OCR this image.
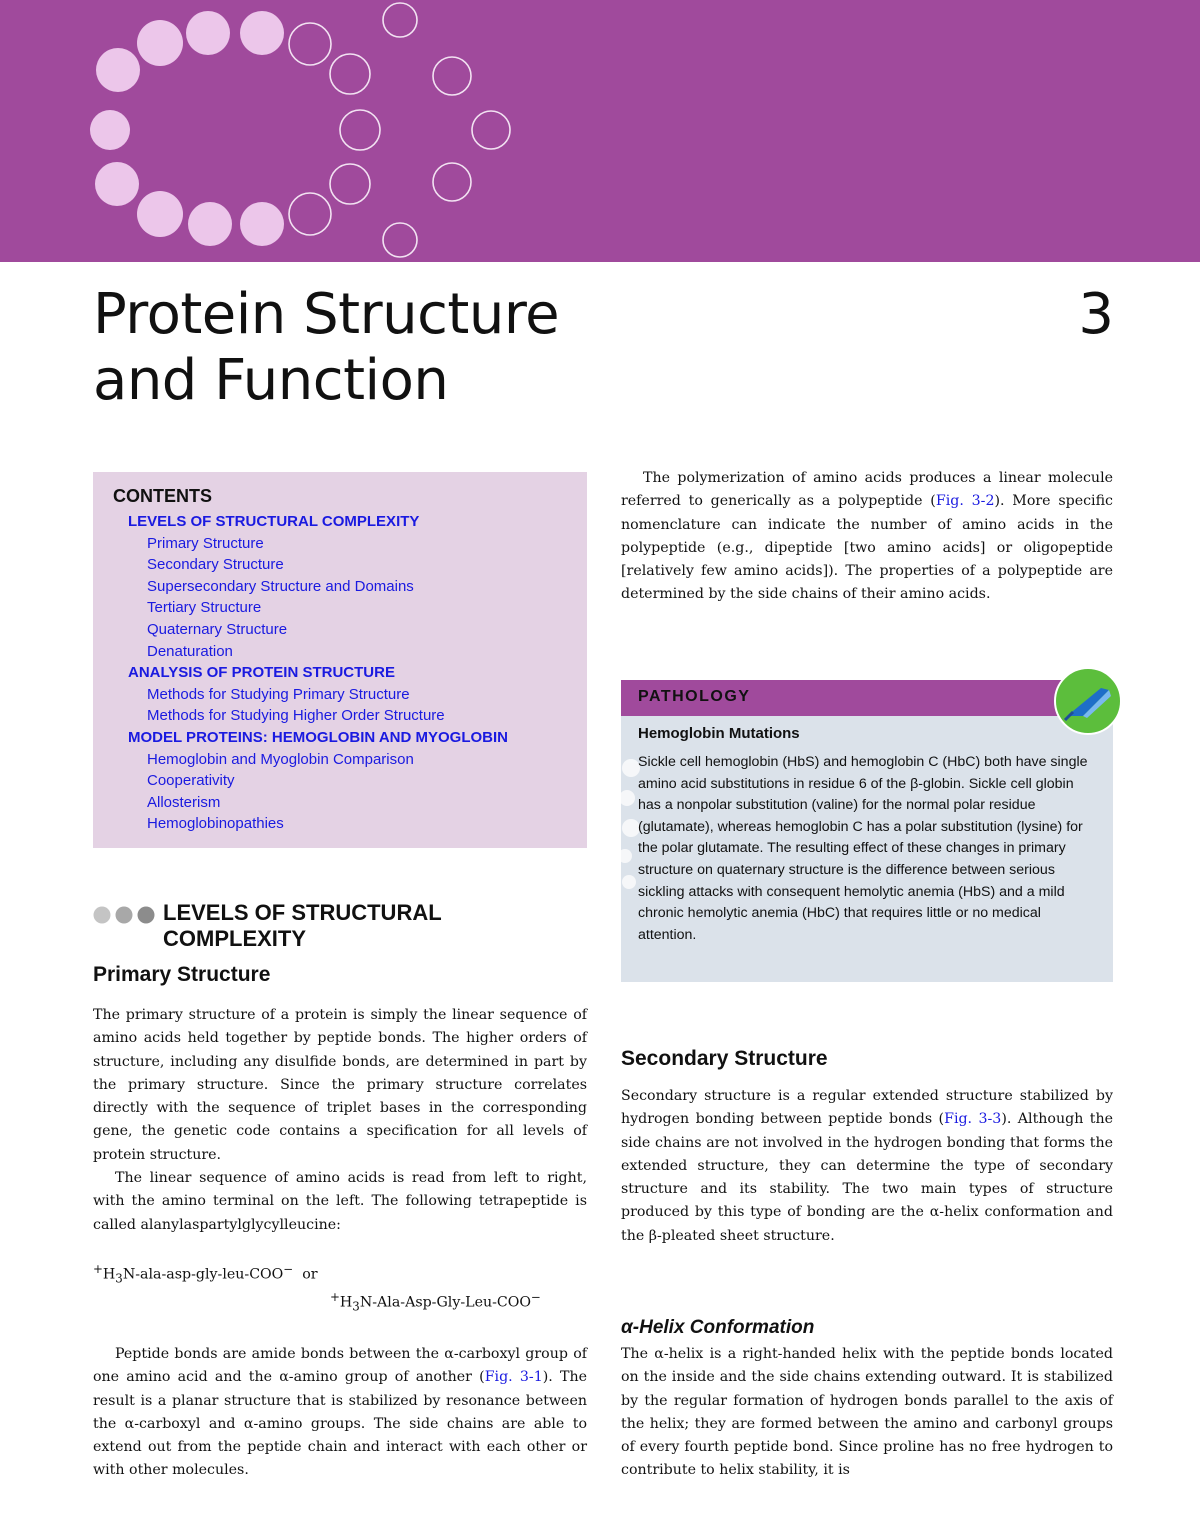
Protein Structure
and Function
3
CONTENTS
LEVELS OF STRUCTURAL COMPLEXITY
Primary Structure
Secondary Structure
Supersecondary Structure and Domains
Tertiary Structure
Quaternary Structure
Denaturation
ANALYSIS OF PROTEIN STRUCTURE
Methods for Studying Primary Structure
Methods for Studying Higher Order Structure
MODEL PROTEINS: HEMOGLOBIN AND MYOGLOBIN
Hemoglobin and Myoglobin Comparison
Cooperativity
Allosterism
Hemoglobinopathies
LEVELS OF STRUCTURAL
COMPLEXITY
Primary Structure

The primary structure of a protein is simply the linear sequence of amino acids held together by peptide bonds. The higher orders of structure, including any disulfide bonds, are determined in part by the primary structure. Since the primary structure correlates directly with the sequence of triplet bases in the corresponding gene, the genetic code contains a specification for all levels of protein structure.

The linear sequence of amino acids is read from left to right, with the amino terminal on the left. The following tetrapeptide is called alanylaspartylglycylleucine:

$^+H_3N-ala-asp-gly-leu-COO^-$ or
$^+H_3N-Ala-Asp-Gly-Leu-COO^-$

Peptide bonds are amide bonds between the α-carboxyl group of one amino acid and the α-amino group of another (Fig. 3-1). The result is a planar structure that is stabilized by resonance between the α-carboxyl and α-amino groups. The side chains are able to extend out from the peptide chain and interact with each other or with other molecules.

The polymerization of amino acids produces a linear molecule referred to generically as a polypeptide (Fig. 3-2). More specific nomenclature can indicate the number of amino acids in the polypeptide (e.g., dipeptide [two amino acids] or oligopeptide [relatively few amino acids]). The properties of a polypeptide are determined by the side chains of their amino acids.

PATHOLOGY
Hemoglobin Mutations
Sickle cell hemoglobin (HbS) and hemoglobin C (HbC) both have single amino acid substitutions in residue 6 of the β-globin. Sickle cell globin has a nonpolar substitution (valine) for the normal polar residue (glutamate), whereas hemoglobin C has a polar substitution (lysine) for the polar glutamate. The resulting effect of these changes in primary structure on quaternary structure is the difference between serious sickling attacks with consequent hemolytic anemia (HbS) and a mild chronic hemolytic anemia (HbC) that requires little or no medical attention.
Secondary Structure

Secondary structure is a regular extended structure stabilized by hydrogen bonding between peptide bonds (Fig. 3-3). Although the side chains are not involved in the hydrogen bonding that forms the extended structure, they can determine the type of secondary structure and its stability. The two main types of structure produced by this type of bonding are the α-helix conformation and the β-pleated sheet structure.

α-Helix Conformation

The α-helix is a right-handed helix with the peptide bonds located on the inside and the side chains extending outward. It is stabilized by the regular formation of hydrogen bonds parallel to the axis of the helix; they are formed between the amino and carbonyl groups of every fourth peptide bond. Since proline has no free hydrogen to contribute to helix stability, it is
